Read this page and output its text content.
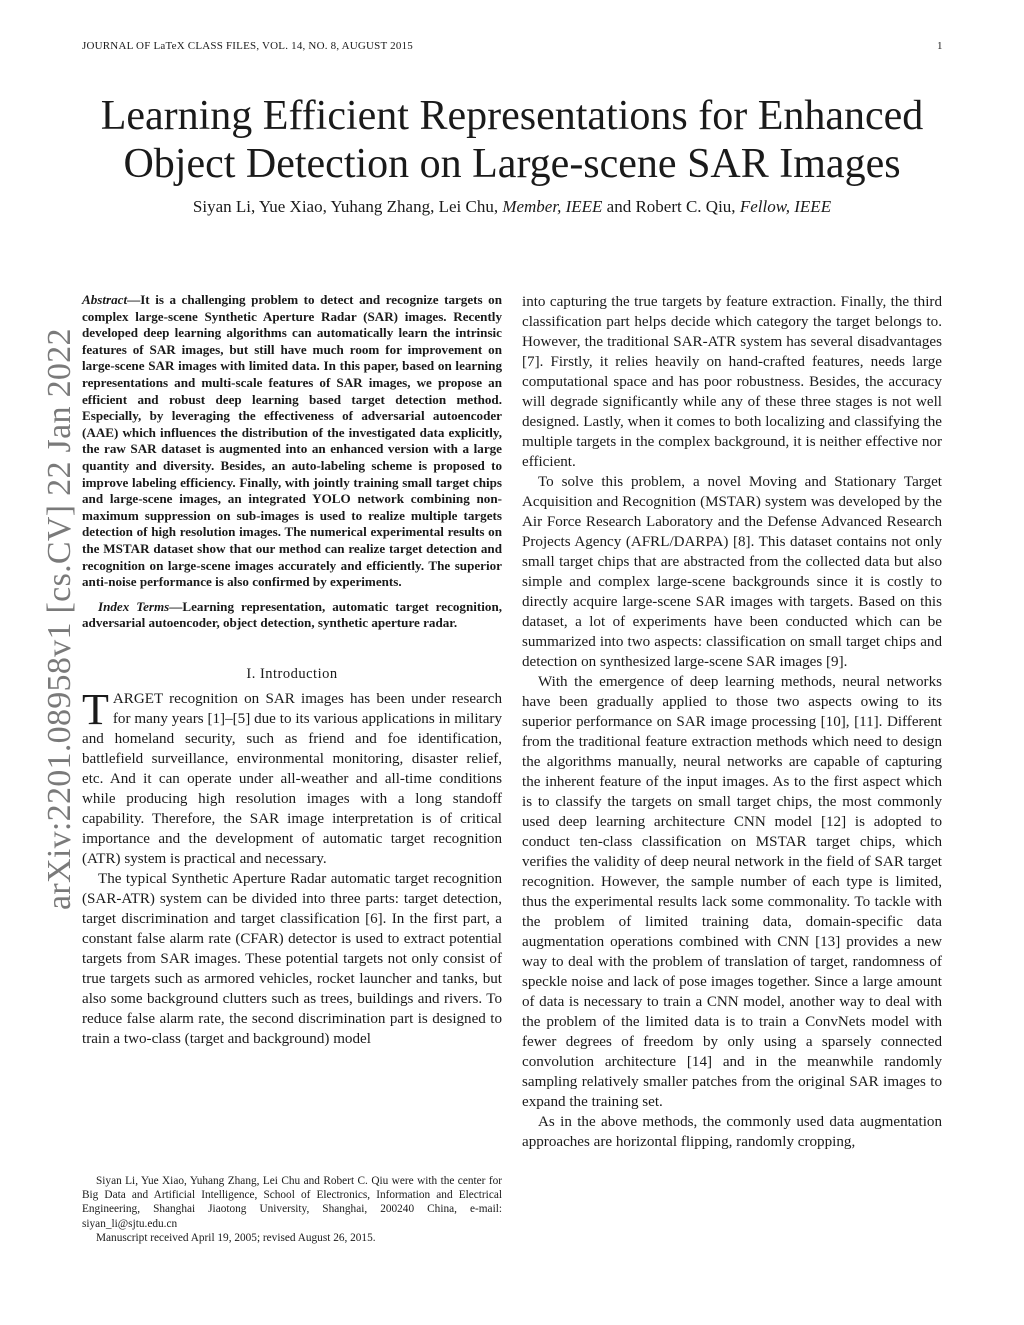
JOURNAL OF LaTeX CLASS FILES, VOL. 14, NO. 8, AUGUST 2015	1
Learning Efficient Representations for Enhanced
Object Detection on Large-scene SAR Images
Siyan Li, Yue Xiao, Yuhang Zhang, Lei Chu, Member, IEEE and Robert C. Qiu, Fellow, IEEE
arXiv:2201.08958v1 [cs.CV] 22 Jan 2022

Abstract—It is a challenging problem to detect and recognize targets on complex large-scene Synthetic Aperture Radar (SAR) images. Recently developed deep learning algorithms can automatically learn the intrinsic features of SAR images, but still have much room for improvement on large-scene SAR images with limited data. In this paper, based on learning representations and multi-scale features of SAR images, we propose an efficient and robust deep learning based target detection method. Especially, by leveraging the effectiveness of adversarial autoencoder (AAE) which influences the distribution of the investigated data explicitly, the raw SAR dataset is augmented into an enhanced version with a large quantity and diversity. Besides, an auto-labeling scheme is proposed to improve labeling efficiency. Finally, with jointly training small target chips and large-scene images, an integrated YOLO network combining non-maximum suppression on sub-images is used to realize multiple targets detection of high resolution images. The numerical experimental results on the MSTAR dataset show that our method can realize target detection and recognition on large-scene images accurately and efficiently. The superior anti-noise performance is also confirmed by experiments.

Index Terms—Learning representation, automatic target recognition, adversarial autoencoder, object detection, synthetic aperture radar.

I. Introduction

TARGET recognition on SAR images has been under research for many years [1]–[5] due to its various applications in military and homeland security, such as friend and foe identification, battlefield surveillance, environmental monitoring, disaster relief, etc. And it can operate under all-weather and all-time conditions while producing high resolution images with a long standoff capability. Therefore, the SAR image interpretation is of critical importance and the development of automatic target recognition (ATR) system is practical and necessary.

The typical Synthetic Aperture Radar automatic target recognition (SAR-ATR) system can be divided into three parts: target detection, target discrimination and target classification [6]. In the first part, a constant false alarm rate (CFAR) detector is used to extract potential targets from SAR images. These potential targets not only consist of true targets such as armored vehicles, rocket launcher and tanks, but also some background clutters such as trees, buildings and rivers. To reduce false alarm rate, the second discrimination part is designed to train a two-class (target and background) model

Siyan Li, Yue Xiao, Yuhang Zhang, Lei Chu and Robert C. Qiu were with the center for Big Data and Artificial Intelligence, School of Electronics, Information and Electrical Engineering, Shanghai Jiaotong University, Shanghai, 200240 China, e-mail: siyan_li@sjtu.edu.cn

Manuscript received April 19, 2005; revised August 26, 2015.

into capturing the true targets by feature extraction. Finally, the third classification part helps decide which category the target belongs to. However, the traditional SAR-ATR system has several disadvantages [7]. Firstly, it relies heavily on hand-crafted features, needs large computational space and has poor robustness. Besides, the accuracy will degrade significantly while any of these three stages is not well designed. Lastly, when it comes to both localizing and classifying the multiple targets in the complex background, it is neither effective nor efficient.

To solve this problem, a novel Moving and Stationary Target Acquisition and Recognition (MSTAR) system was developed by the Air Force Research Laboratory and the Defense Advanced Research Projects Agency (AFRL/DARPA) [8]. This dataset contains not only small target chips that are abstracted from the collected data but also simple and complex large-scene backgrounds since it is costly to directly acquire large-scene SAR images with targets. Based on this dataset, a lot of experiments have been conducted which can be summarized into two aspects: classification on small target chips and detection on synthesized large-scene SAR images [9].

With the emergence of deep learning methods, neural networks have been gradually applied to those two aspects owing to its superior performance on SAR image processing [10], [11]. Different from the traditional feature extraction methods which need to design the algorithms manually, neural networks are capable of capturing the inherent feature of the input images. As to the first aspect which is to classify the targets on small target chips, the most commonly used deep learning architecture CNN model [12] is adopted to conduct ten-class classification on MSTAR target chips, which verifies the validity of deep neural network in the field of SAR target recognition. However, the sample number of each type is limited, thus the experimental results lack some commonality. To tackle with the problem of limited training data, domain-specific data augmentation operations combined with CNN [13] provides a new way to deal with the problem of translation of target, randomness of speckle noise and lack of pose images together. Since a large amount of data is necessary to train a CNN model, another way to deal with the problem of the limited data is to train a ConvNets model with fewer degrees of freedom by only using a sparsely connected convolution architecture [14] and in the meanwhile randomly sampling relatively smaller patches from the original SAR images to expand the training set.

As in the above methods, the commonly used data augmentation approaches are horizontal flipping, randomly cropping,
